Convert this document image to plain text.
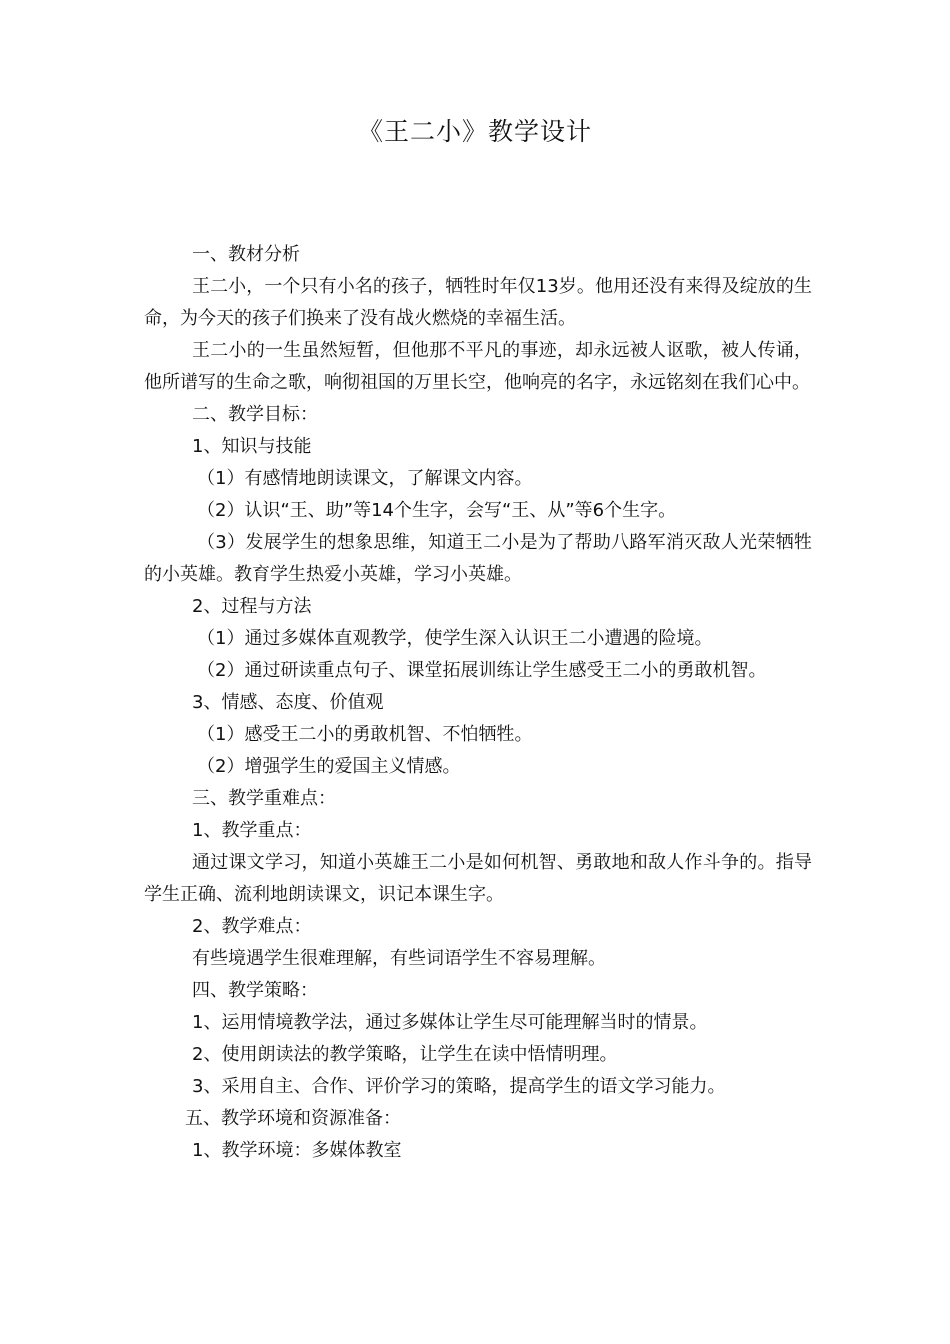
《王二小》教学设计

一、教材分析

王二小，一个只有小名的孩子，牺牲时年仅13岁。他用还没有来得及绽放的生命，为今天的孩子们换来了没有战火燃烧的幸福生活。

王二小的一生虽然短暂，但他那不平凡的事迹，却永远被人讴歌，被人传诵，他所谱写的生命之歌，响彻祖国的万里长空，他响亮的名字，永远铭刻在我们心中。

二、教学目标：

1、知识与技能

（1）有感情地朗读课文，了解课文内容。

（2）认识“王、助”等14个生字，会写“王、从”等6个生字。

（3）发展学生的想象思维，知道王二小是为了帮助八路军消灭敌人光荣牺牲的小英雄。教育学生热爱小英雄，学习小英雄。

2、过程与方法

（1）通过多媒体直观教学，使学生深入认识王二小遭遇的险境。

（2）通过研读重点句子、课堂拓展训练让学生感受王二小的勇敢机智。

3、情感、态度、价值观

（1）感受王二小的勇敢机智、不怕牺牲。

（2）增强学生的爱国主义情感。

三、教学重难点：

1、教学重点：

通过课文学习，知道小英雄王二小是如何机智、勇敢地和敌人作斗争的。指导学生正确、流利地朗读课文，识记本课生字。

2、教学难点：

有些境遇学生很难理解，有些词语学生不容易理解。

四、教学策略：

1、运用情境教学法，通过多媒体让学生尽可能理解当时的情景。

2、使用朗读法的教学策略，让学生在读中悟情明理。

3、采用自主、合作、评价学习的策略，提高学生的语文学习能力。

五、教学环境和资源准备：

1、教学环境：多媒体教室
